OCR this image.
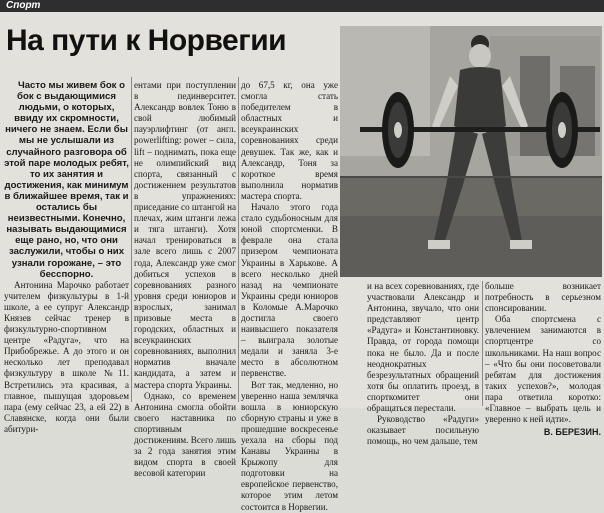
Спорт
На пути к Норвегии

Часто мы живем бок о бок с выдающимися людьми, о которых, ввиду их скромности, ничего не знаем. Если бы мы не услышали из случайного разговора об этой паре молодых ребят, то их занятия и достижения, как минимум в ближайшее время, так и остались бы неизвестными. Конечно, называть выдающимися еще рано, но, что они заслужили, чтобы о них узнали горожане, – это бесспорно.

Антонина Марочко работает учителем физкультуры в 1-й школе, а ее супруг Александр Князев сейчас тренер в физкультурно-спортивном центре «Радуга», что на Прибобрежье. А до этого и он несколько лет преподавал физкультуру в школе №11. Встретились эта красивая, а главное, пышущая здоровьем пара (ему сейчас 23, а ей 22) в Славянске, когда они были абитури-

ентами при поступлении в пединверситет. Александр вовлек Тоню в свой любимый пауэрлифтинг (от англ. powerlifting: power – сила, lift – поднимать, пока еще не олимпийский вид спорта, связанный с достижением результатов в упражнениях: приседание со штангой на плечах, жим штанги лежа и тяга штанги). Хотя начал тренироваться в зале всего лишь с 2007 года, Александр уже смог добиться успехов в соревнованиях разного уровня среди юниоров и взрослых, занимал призовые места в городских, областных и всеукраинских соревнованиях, выполнил норматив вначале кандидата, а затем и мастера спорта Украины.

Однако, со временем Антонина смогла обойти своего наставника по спортивным достижениям. Всего лишь за 2 года занятия этим видом спорта в своей весовой категории

до 67,5 кг, она уже смогла стать победителем в областных и всеукраинских соревнованиях среди девушек. Так же, как и Александр, Тоня за короткое время выполнила норматив мастера спорта.

Начало этого года стало судьбоносным для юной спортсменки. В феврале она стала призером чемпионата Украины в Харькове. А всего несколько дней назад на чемпионате Украины среди юниоров в Коломые А.Марочко достигла своего наивысшего показателя – выиграла золотые медали и заняла 3-е место в абсолютном первенстве.

Вот так, медленно, но уверенно наша землячка вошла в юниорскую сборную страны и уже в прошедшие воскресенье уехала на сборы под Канавы Украины в Крыжопу для подготовки на европейское первенство, которое этим летом состоится в Норвегии.

и на всех соревнованиях, где участвовали Александр и Антонина, звучало, что они представляют центр «Радуга» и Константиновку. Правда, от города помощи пока не было. Да и после неоднократных безрезультатных обращений хотя бы оплатить проезд, в спорткомитет они обращаться перестали.

Руководство «Радуги» оказывает посильную помощь, но чем дальше, тем

больше возникает потребность в серьезном спонсировании.

Оба спортсмена с увлечением занимаются в спортцентре со школьниками. На наш вопрос – «Что бы они посоветовали ребятам для достижения таких успехов?», молодая пара ответила коротко: «Главное – выбрать цель и уверенно к ней идти».

В. БЕРЕЗИН.
